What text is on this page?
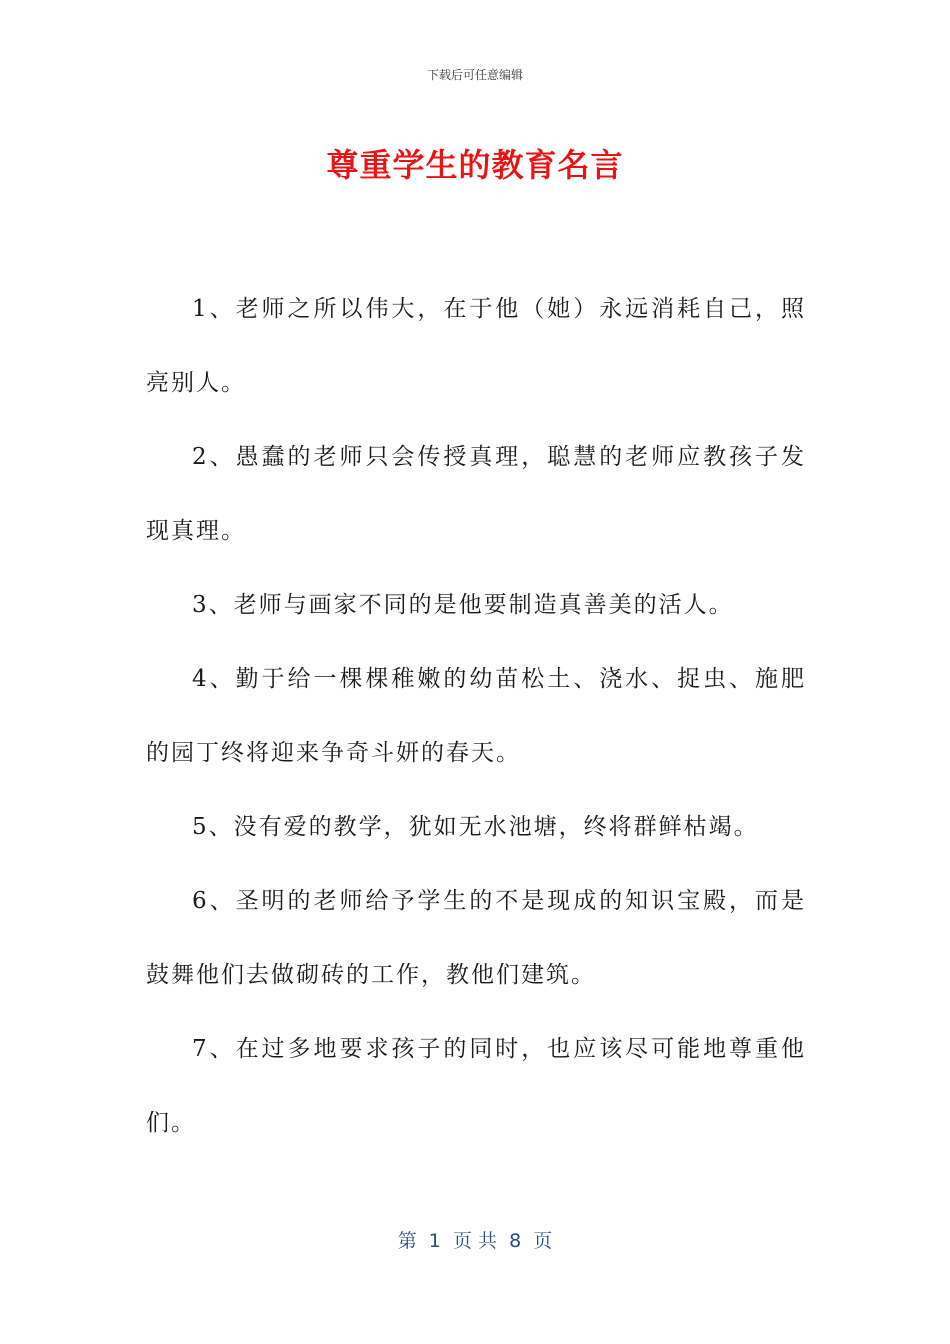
下载后可任意编辑
尊重学生的教育名言

1、老师之所以伟大，在于他（她）永远消耗自己，照亮别人。

2、愚蠢的老师只会传授真理，聪慧的老师应教孩子发现真理。

3、老师与画家不同的是他要制造真善美的活人。

4、勤于给一棵棵稚嫩的幼苗松土、浇水、捉虫、施肥的园丁终将迎来争奇斗妍的春天。

5、没有爱的教学，犹如无水池塘，终将群鲜枯竭。

6、圣明的老师给予学生的不是现成的知识宝殿，而是鼓舞他们去做砌砖的工作，教他们建筑。

7、在过多地要求孩子的同时，也应该尽可能地尊重他们。

第  1  页 共  8  页
